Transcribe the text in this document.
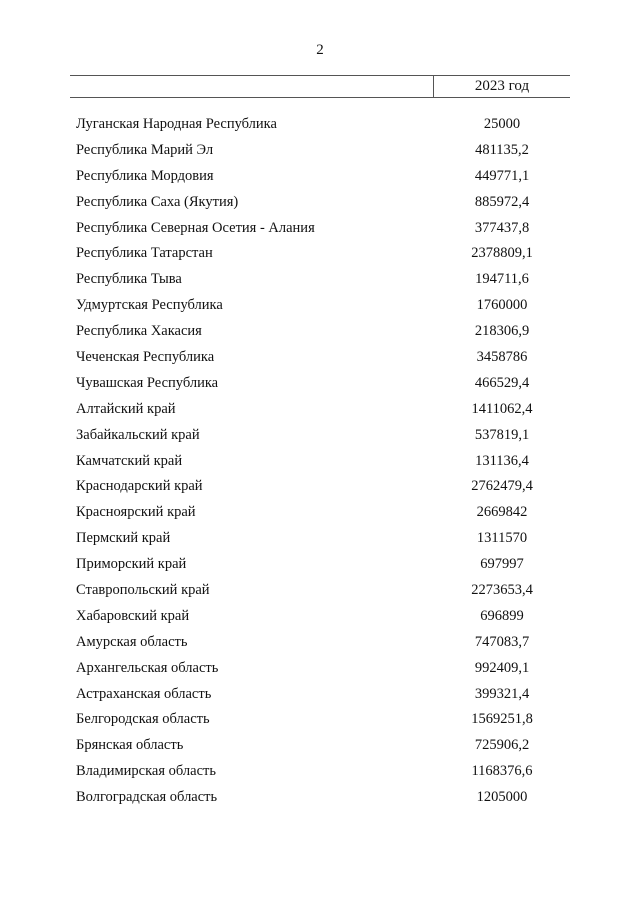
2
2023 год
Луганская Народная Республика	25000
Республика Марий Эл	481135,2
Республика Мордовия	449771,1
Республика Саха (Якутия)	885972,4
Республика Северная Осетия - Алания	377437,8
Республика Татарстан	2378809,1
Республика Тыва	194711,6
Удмуртская Республика	1760000
Республика Хакасия	218306,9
Чеченская Республика	3458786
Чувашская Республика	466529,4
Алтайский край	1411062,4
Забайкальский край	537819,1
Камчатский край	131136,4
Краснодарский край	2762479,4
Красноярский край	2669842
Пермский край	1311570
Приморский край	697997
Ставропольский край	2273653,4
Хабаровский край	696899
Амурская область	747083,7
Архангельская область	992409,1
Астраханская область	399321,4
Белгородская область	1569251,8
Брянская область	725906,2
Владимирская область	1168376,6
Волгоградская область	1205000
